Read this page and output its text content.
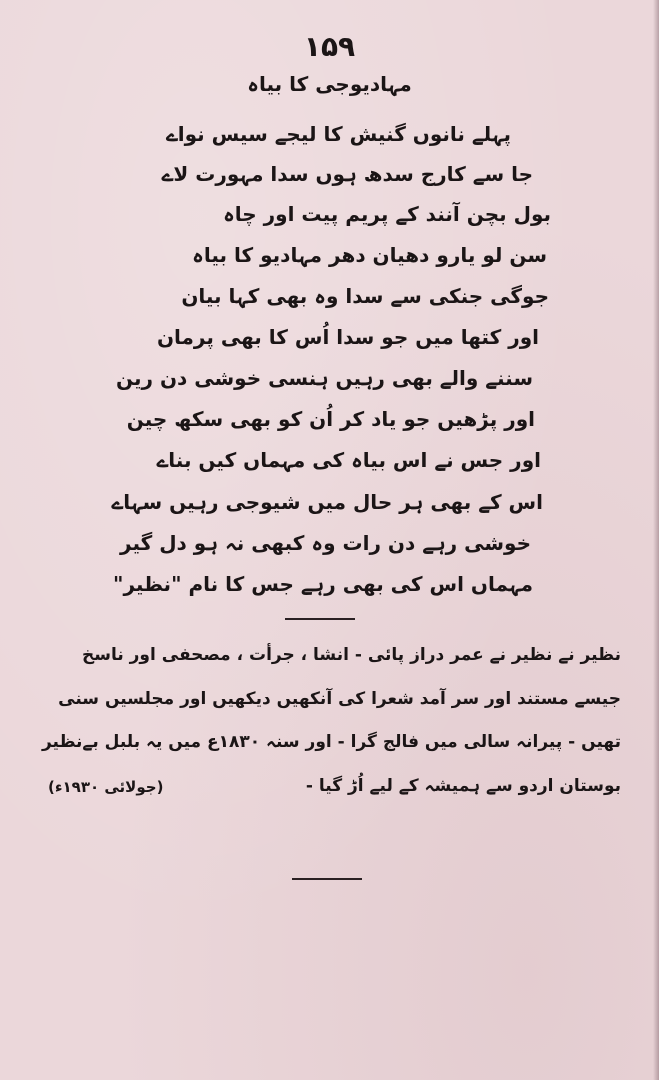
۱۵۹
مہادیوجی کا بیاہ
پہلے نانوں گنیش کا لیجے سیس نواے
جا سے کارج سدھ ہوں سدا مہورت لاے
بول بچن آنند کے پریم پیت اور چاہ
سن لو یارو دھیان دھر مہادیو کا بیاہ
جوگی جنکی سے سدا وہ بھی کہا بیان
اور کتھا میں جو سدا اُس کا بھی پرمان
سننے والے بھی رہیں ہنسی خوشی دن رین
اور پڑھیں جو یاد کر اُن کو بھی سکھ چین
اور جس نے اس بیاہ کی مہماں کیں بناے
اس کے بھی ہر حال میں شیوجی رہیں سہاے
خوشی رہے دن رات وہ کبھی نہ ہو دل گیر
مہماں اس کی بھی رہے جس کا نام "نظیر"
نظیر نے نظیر نے عمر دراز پائی - انشا ، جرأت ، مصحفی اور ناسخ
جیسے مستند اور سر آمد شعرا کی آنکھیں دیکھیں اور مجلسیں سنی
تھیں - پیرانہ سالی میں فالج گرا - اور سنہ ۱۸۳۰ع میں یہ بلبل بےنظیر
بوستان اردو سے ہمیشہ کے لیے اُڑ گیا -
(جولائی ۱۹۳۰ء)
